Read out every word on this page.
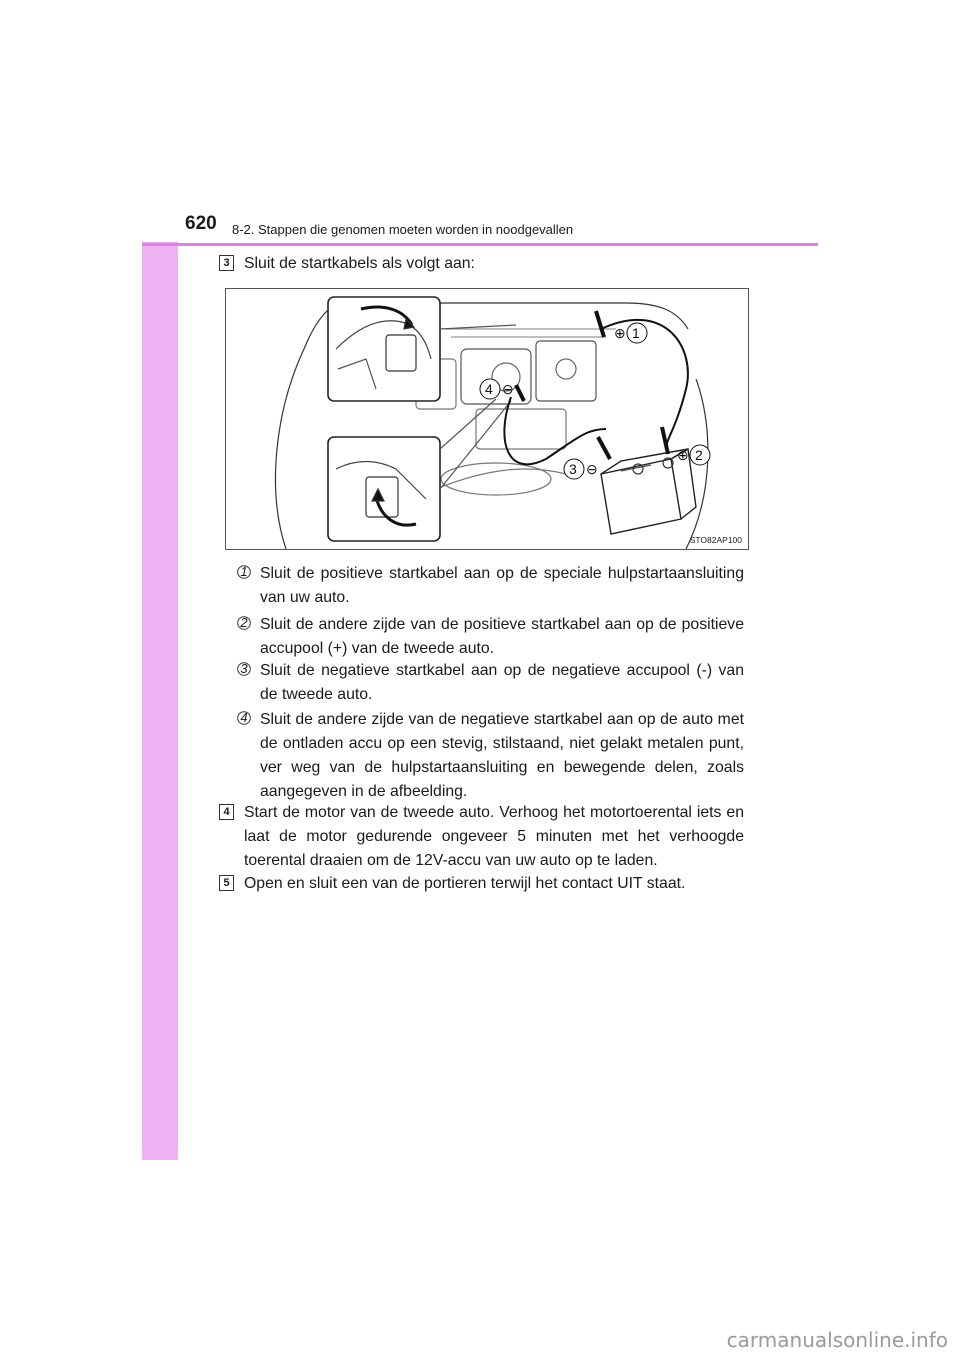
620 8-2. Stappen die genomen moeten worden in noodgevallen
3 Sluit de startkabels als volgt aan:
1
⊕
2
⊕
3 ⊖
4 ⊖
STO82AP100
1 Sluit de positieve startkabel aan op de speciale hulpstartaansluiting van uw auto.
2 Sluit de andere zijde van de positieve startkabel aan op de positieve accupool (+) van de tweede auto.
3 Sluit de negatieve startkabel aan op de negatieve accupool (-) van de tweede auto.
4 Sluit de andere zijde van de negatieve startkabel aan op de auto met de ontladen accu op een stevig, stilstaand, niet gelakt metalen punt, ver weg van de hulpstartaansluiting en bewegende delen, zoals aangegeven in de afbeelding.
4 Start de motor van de tweede auto. Verhoog het motortoerental iets en laat de motor gedurende ongeveer 5 minuten met het verhoogde toerental draaien om de 12V-accu van uw auto op te laden.
5 Open en sluit een van de portieren terwijl het contact UIT staat.
carmanualsonline.info
